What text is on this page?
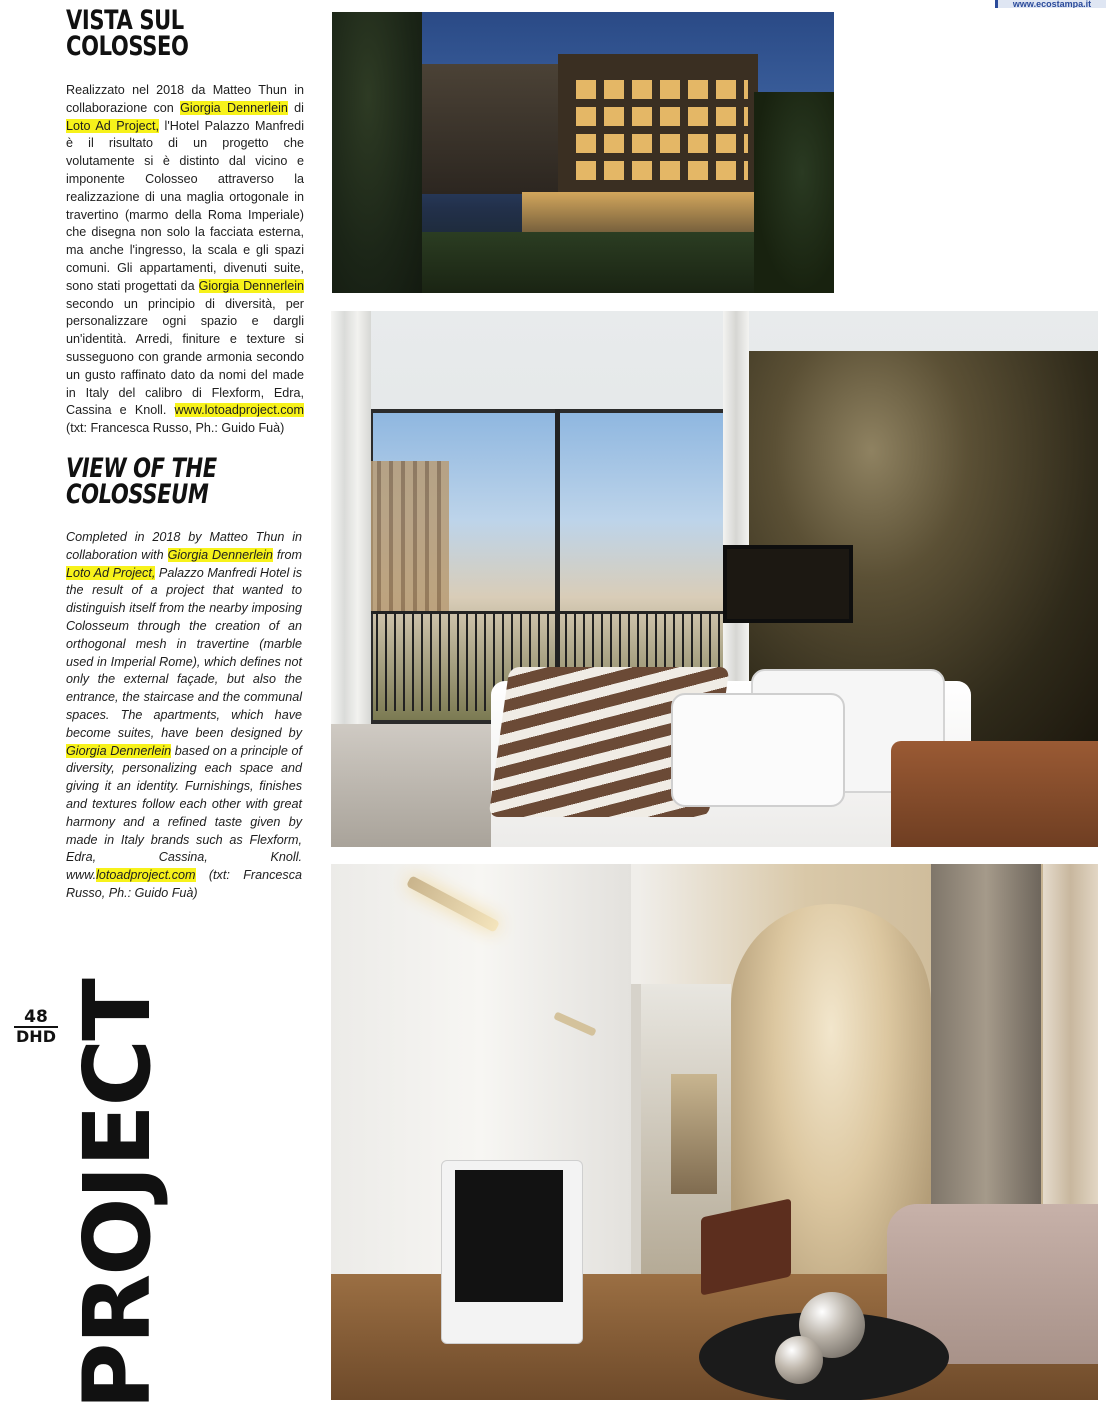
www.ecostampa.it
VISTA SUL
COLOSSEO

Realizzato nel 2018 da Matteo Thun in collaborazione con Giorgia Dennerlein di Loto Ad Project, l'Hotel Palazzo Manfredi è il risultato di un progetto che volutamente si è distinto dal vicino e imponente Colosseo attraverso la realizzazione di una maglia ortogonale in travertino (marmo della Roma Imperiale) che disegna non solo la facciata esterna, ma anche l'ingresso, la scala e gli spazi comuni. Gli appartamenti, divenuti suite, sono stati progettati da Giorgia Dennerlein secondo un principio di diversità, per personalizzare ogni spazio e dargli un'identità. Arredi, finiture e texture si susseguono con grande armonia secondo un gusto raffinato dato da nomi del made in Italy del calibro di Flexform, Edra, Cassina e Knoll. www.lotoadproject.com (txt: Francesca Russo, Ph.: Guido Fuà)

VIEW OF THE
COLOSSEUM

Completed in 2018 by Matteo Thun in collaboration with Giorgia Dennerlein from Loto Ad Project, Palazzo Manfredi Hotel is the result of a project that wanted to distinguish itself from the nearby imposing Colosseum through the creation of an orthogonal mesh in travertine (marble used in Imperial Rome), which defines not only the external façade, but also the entrance, the staircase and the communal spaces. The apartments, which have become suites, have been designed by Giorgia Dennerlein based on a principle of diversity, personalizing each space and giving it an identity. Furnishings, finishes and textures follow each other with great harmony and a refined taste given by made in Italy brands such as Flexform, Edra, Cassina, Knoll. www.lotoadproject.com (txt: Francesca Russo, Ph.: Guido Fuà)

48
DHD PROJECT
